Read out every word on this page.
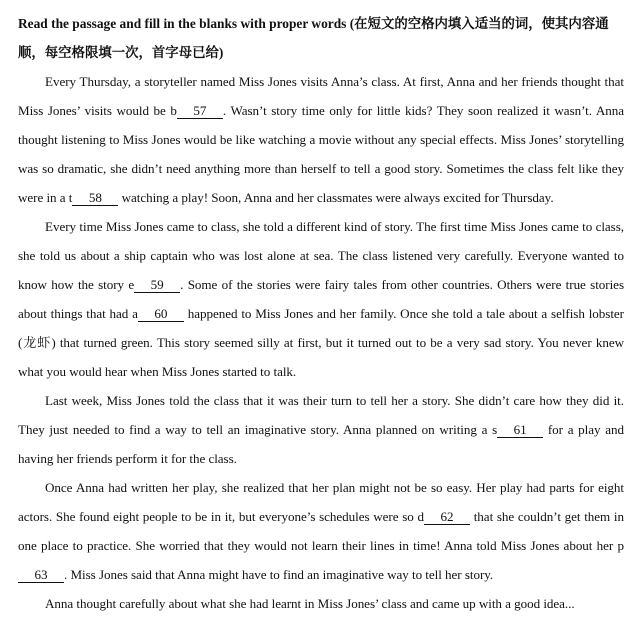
Read the passage and fill in the blanks with proper words (在短文的空格内填入适当的词，使其内容通顺，每空格限填一次，首字母已给)

Every Thursday, a storyteller named Miss Jones visits Anna’s class. At first, Anna and her friends thought that Miss Jones’ visits would be b 57 . Wasn’t story time only for little kids? They soon realized it wasn’t. Anna thought listening to Miss Jones would be like watching a movie without any special effects. Miss Jones’ storytelling was so dramatic, she didn’t need anything more than herself to tell a good story. Sometimes the class felt like they were in a t 58 watching a play! Soon, Anna and her classmates were always excited for Thursday.

Every time Miss Jones came to class, she told a different kind of story. The first time Miss Jones came to class, she told us about a ship captain who was lost alone at sea. The class listened very carefully. Everyone wanted to know how the story e 59 . Some of the stories were fairy tales from other countries. Others were true stories about things that had a 60 happened to Miss Jones and her family. Once she told a tale about a selfish lobster (龙虾) that turned green. This story seemed silly at first, but it turned out to be a very sad story. You never knew what you would hear when Miss Jones started to talk.

Last week, Miss Jones told the class that it was their turn to tell her a story. She didn’t care how they did it. They just needed to find a way to tell an imaginative story. Anna planned on writing a s 61 for a play and having her friends perform it for the class.

Once Anna had written her play, she realized that her plan might not be so easy. Her play had parts for eight actors. She found eight people to be in it, but everyone’s schedules were so d 62 that she couldn’t get them in one place to practice. She worried that they would not learn their lines in time! Anna told Miss Jones about her p63 . Miss Jones said that Anna might have to find an imaginative way to tell her story.

Anna thought carefully about what she had learnt in Miss Jones’ class and came up with a good idea...
